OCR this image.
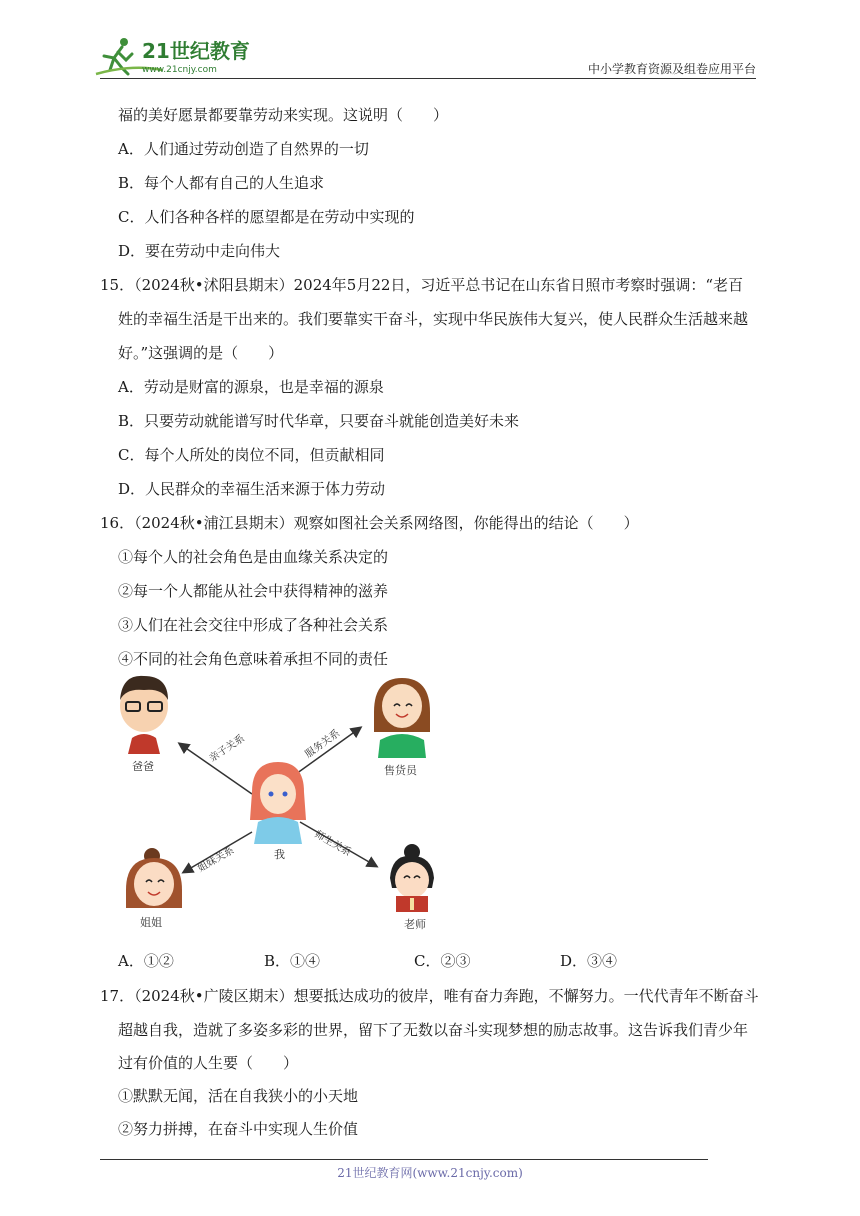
21世纪教育
www.21cnjy.com	中小学教育资源及组卷应用平台
福的美好愿景都要靠劳动来实现。这说明（　　）
A．人们通过劳动创造了自然界的一切
B．每个人都有自己的人生追求
C．人们各种各样的愿望都是在劳动中实现的
D．要在劳动中走向伟大
15．（2024秋•沭阳县期末）2024年5月22日，习近平总书记在山东省日照市考察时强调：“老百
姓的幸福生活是干出来的。我们要靠实干奋斗，实现中华民族伟大复兴，使人民群众生活越来越
好。”这强调的是（　　）
A．劳动是财富的源泉，也是幸福的源泉
B．只要劳动就能谱写时代华章，只要奋斗就能创造美好未来
C．每个人所处的岗位不同，但贡献相同
D．人民群众的幸福生活来源于体力劳动
16．（2024秋•浦江县期末）观察如图社会关系网络图，你能得出的结论（　　）
①每个人的社会角色是由血缘关系决定的
②每一个人都能从社会中获得精神的滋养
③人们在社会交往中形成了各种社会关系
④不同的社会角色意味着承担不同的责任
亲子关系	服务关系
姐妹关系
师生关系
爸爸	售货员
我
姐姐	老师
A．①②	B．①④	C．②③	D．③④
17．（2024秋•广陵区期末）想要抵达成功的彼岸，唯有奋力奔跑，不懈努力。一代代青年不断奋斗
超越自我，造就了多姿多彩的世界，留下了无数以奋斗实现梦想的励志故事。这告诉我们青少年
过有价值的人生要（　　）
①默默无闻，活在自我狭小的小天地
②努力拼搏，在奋斗中实现人生价值
21世纪教育网(www.21cnjy.com)
